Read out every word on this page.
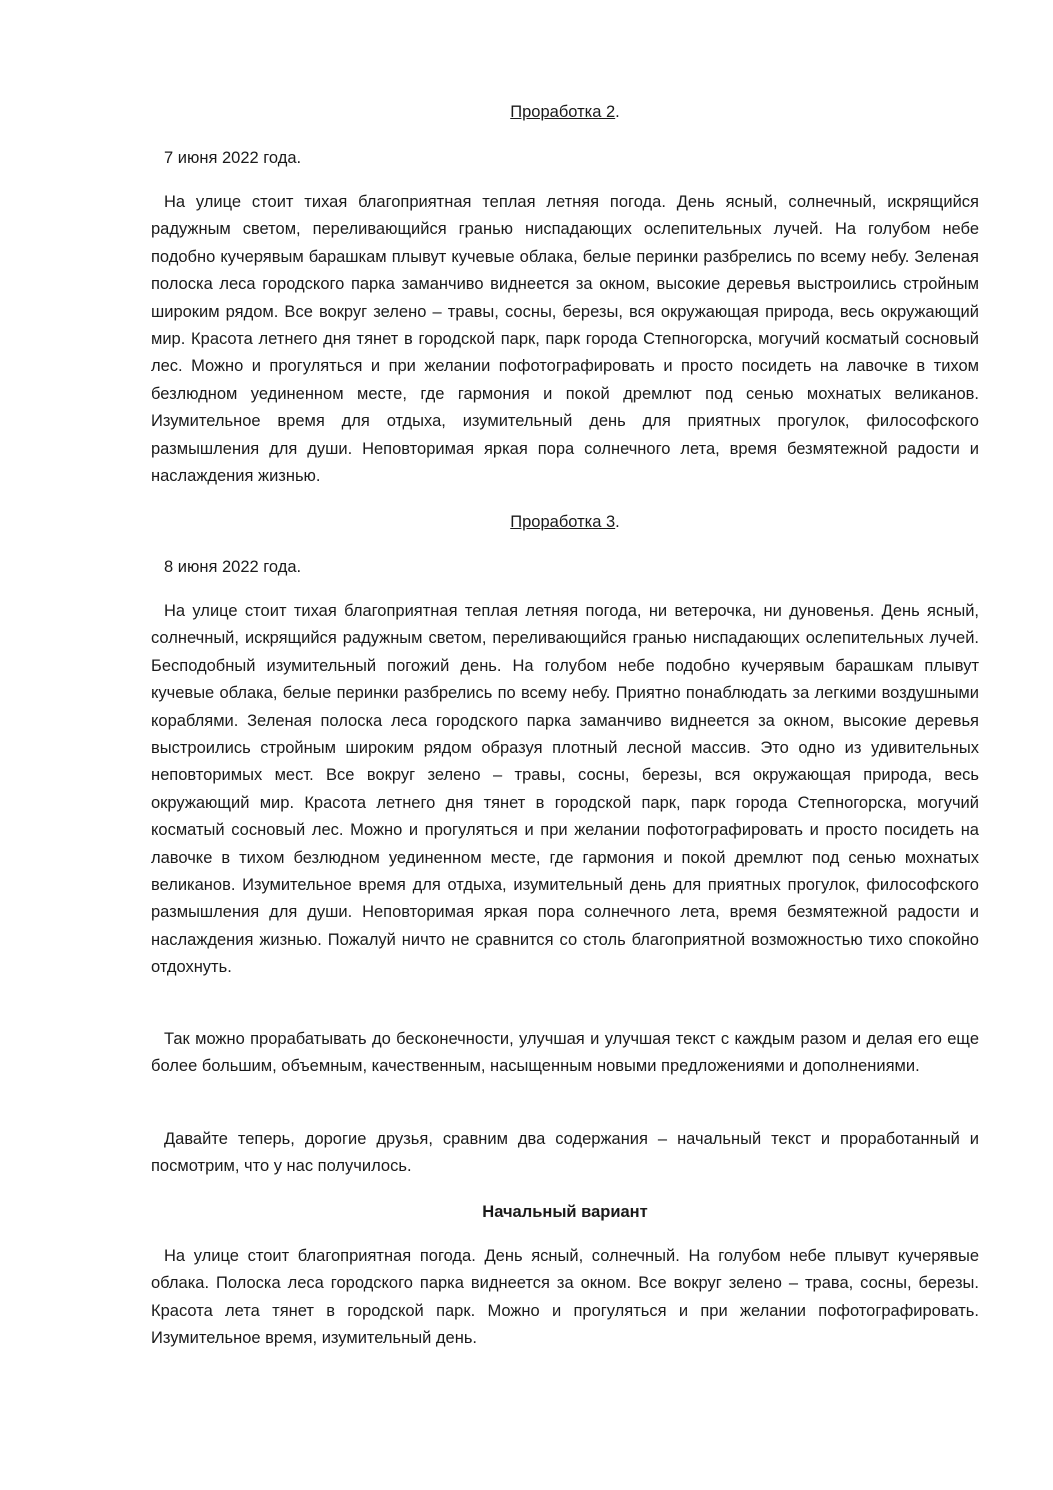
Проработка 2.

7 июня 2022 года.

На улице стоит тихая благоприятная теплая летняя погода. День ясный, солнечный, искрящийся радужным светом, переливающийся гранью ниспадающих ослепительных лучей. На голубом небе подобно кучерявым барашкам плывут кучевые облака, белые перинки разбрелись по всему небу. Зеленая полоска леса городского парка заманчиво виднеется за окном, высокие деревья выстроились стройным широким рядом. Все вокруг зелено – травы, сосны, березы, вся окружающая природа, весь окружающий мир. Красота летнего дня тянет в городской парк, парк города Степногорска, могучий косматый сосновый лес. Можно и прогуляться и при желании пофотографировать и просто посидеть на лавочке в тихом безлюдном уединенном месте, где гармония и покой дремлют под сенью мохнатых великанов. Изумительное время для отдыха, изумительный день для приятных прогулок, философского размышления для души. Неповторимая яркая пора солнечного лета, время безмятежной радости и наслаждения жизнью.

Проработка 3.

8 июня 2022 года.

На улице стоит тихая благоприятная теплая летняя погода, ни ветерочка, ни дуновенья. День ясный, солнечный, искрящийся радужным светом, переливающийся гранью ниспадающих ослепительных лучей. Бесподобный изумительный погожий день. На голубом небе подобно кучерявым барашкам плывут кучевые облака, белые перинки разбрелись по всему небу. Приятно понаблюдать за легкими воздушными кораблями. Зеленая полоска леса городского парка заманчиво виднеется за окном, высокие деревья выстроились стройным широким рядом образуя плотный лесной массив. Это одно из удивительных неповторимых мест. Все вокруг зелено – травы, сосны, березы, вся окружающая природа, весь окружающий мир. Красота летнего дня тянет в городской парк, парк города Степногорска, могучий косматый сосновый лес. Можно и прогуляться и при желании пофотографировать и просто посидеть на лавочке в тихом безлюдном уединенном месте, где гармония и покой дремлют под сенью мохнатых великанов. Изумительное время для отдыха, изумительный день для приятных прогулок, философского размышления для души. Неповторимая яркая пора солнечного лета, время безмятежной радости и наслаждения жизнью. Пожалуй ничто не сравнится со столь благоприятной возможностью тихо спокойно отдохнуть.

Так можно прорабатывать до бесконечности, улучшая и улучшая текст с каждым разом и делая его еще более большим, объемным, качественным, насыщенным новыми предложениями и дополнениями.

Давайте теперь, дорогие друзья, сравним два содержания – начальный текст и проработанный и посмотрим, что у нас получилось.

Начальный вариант

На улице стоит благоприятная погода. День ясный, солнечный. На голубом небе плывут кучерявые облака. Полоска леса городского парка виднеется за окном. Все вокруг зелено – трава, сосны, березы. Красота лета тянет в городской парк. Можно и прогуляться и при желании пофотографировать. Изумительное время, изумительный день.
